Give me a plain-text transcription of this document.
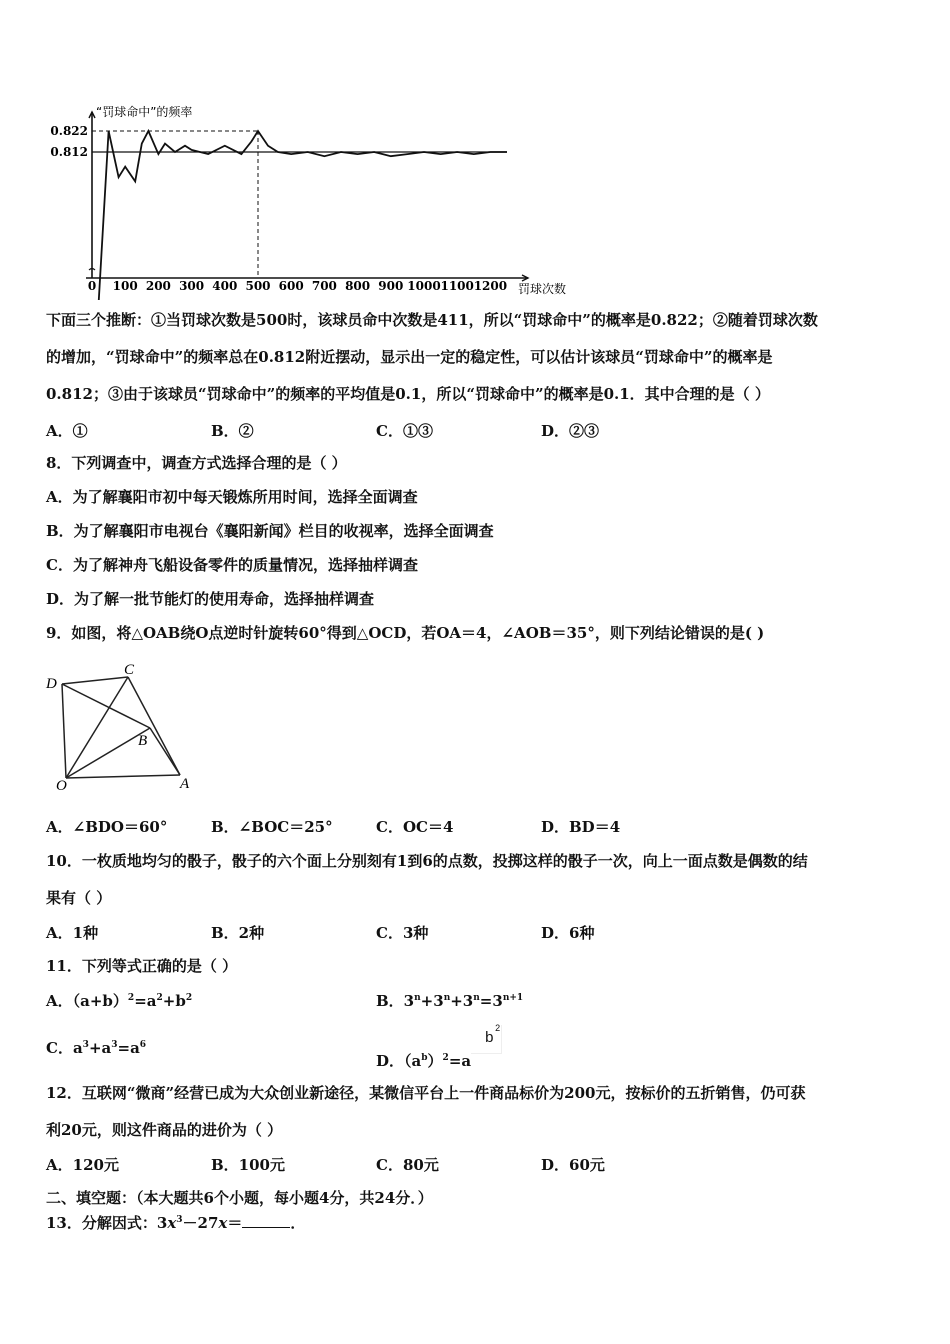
“罚球命中”的频率
罚球次数
0 100 200 300 400 500 600 700 800 900 1000 1100 1200
0.822
0.812
下面三个推断：①当罚球次数是500时，该球员命中次数是411，所以“罚球命中”的概率是0.822；②随着罚球次数
的增加，“罚球命中”的频率总在0.812附近摆动，显示出一定的稳定性，可以估计该球员“罚球命中”的概率是
0.812；③由于该球员“罚球命中”的频率的平均值是0.1，所以“罚球命中”的概率是0.1．其中合理的是（ ）
A．①	B．②	C．①③	D．②③
8．下列调查中，调查方式选择合理的是（ ）
A．为了解襄阳市初中每天锻炼所用时间，选择全面调查
B．为了解襄阳市电视台《襄阳新闻》栏目的收视率，选择全面调查
C．为了解神舟飞船设备零件的质量情况，选择抽样调查
D．为了解一批节能灯的使用寿命，选择抽样调查
9．如图，将△OAB绕O点逆时针旋转60°得到△OCD，若OA＝4，∠AOB＝35°，则下列结论错误的是( )
D
C
B
O	A
A．∠BDO＝60°	B．∠BOC＝25°	C．OC＝4	D．BD＝4
10．一枚质地均匀的骰子，骰子的六个面上分别刻有1到6的点数，投掷这样的骰子一次，向上一面点数是偶数的结
果有（ ）
A．1种	B．2种	C．3种	D．6种
11．下列等式正确的是（ ）
A．$(a+b)^2=a^2+b^2$	B．$3^n+3^n+3^n=3^{n+1}$
C．$a^3+a^3=a^6$
D．$(a^b)^2=a$
b
2
12．互联网“微商”经营已成为大众创业新途径，某微信平台上一件商品标价为200元，按标价的五折销售，仍可获
利20元，则这件商品的进价为（ ）
A．120元	B．100元	C．80元	D．60元
二、填空题：（本大题共6个小题，每小题4分，共24分．）
13．分解因式：$3x^3-27x=$	．
